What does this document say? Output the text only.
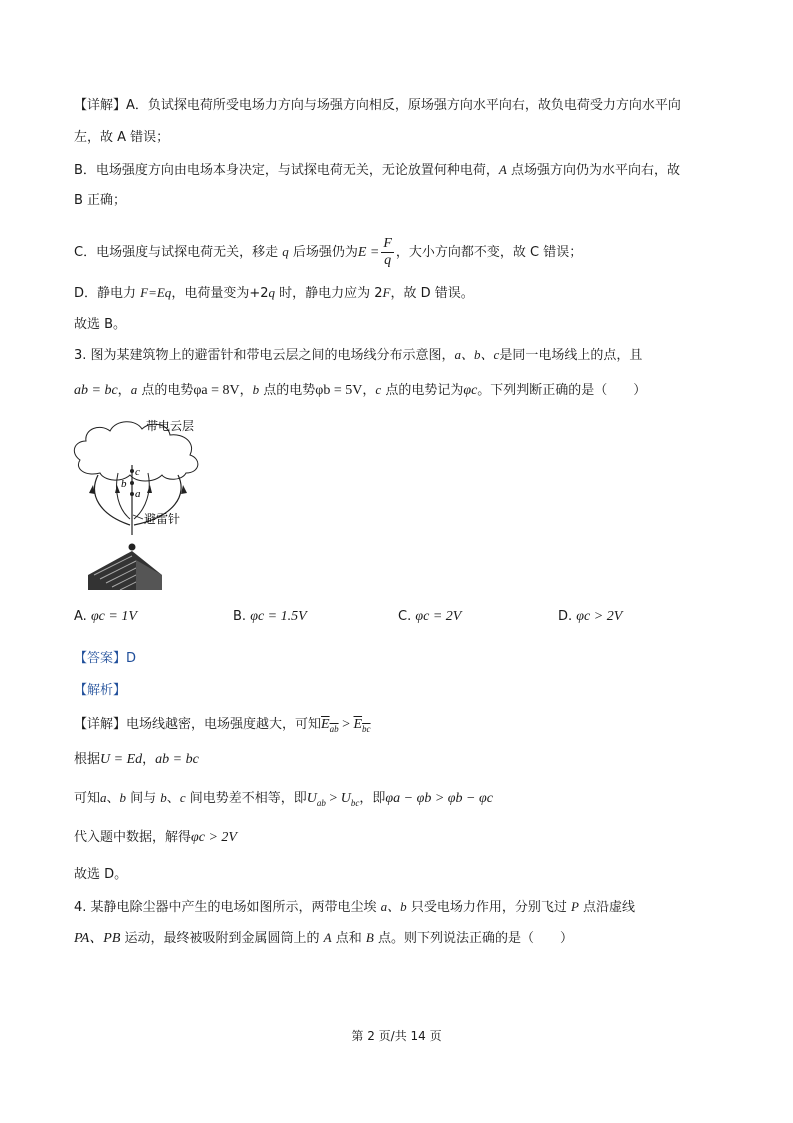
【详解】A．负试探电荷所受电场力方向与场强方向相反，原场强方向水平向右，故负电荷受力方向水平向
左，故 A 错误；
B．电场强度方向由电场本身决定，与试探电荷无关，无论放置何种电荷，A 点场强方向仍为水平向右，故
B 正确；
C．电场强度与试探电荷无关，移走 q 后场强仍为$E = \frac{F}{q}$ ，大小方向都不变，故 C 错误；
D．静电力 F=Eq，电荷量变为+2q 时，静电力应为 2F，故 D 错误。
故选 B。
3. 图为某建筑物上的避雷针和带电云层之间的电场线分布示意图，a、b、c是同一电场线上的点，且
ab = bc，a 点的电势φa = 8V，b 点的电势φb = 5V，c 点的电势记为φc。下列判断正确的是（　　）
c
b
a
带电云层
避雷针
A. φc = 1V	B. φc = 1.5V	C. φc = 2V	D. φc > 2V
【答案】D
【解析】
【详解】电场线越密，电场强度越大，可知$E_{ab} > E_{bc}$
根据U = Ed，ab = bc
可知a、b 间与 b、c 间电势差不相等，即$U_{ab} > U_{bc}$，即φa − φb > φb − φc
代入题中数据，解得φc > 2V
故选 D。
4. 某静电除尘器中产生的电场如图所示，两带电尘埃 a、b 只受电场力作用，分别飞过 P 点沿虚线
PA、PB 运动，最终被吸附到金属圆筒上的 A 点和 B 点。则下列说法正确的是（　　）
第 2 页/共 14 页
